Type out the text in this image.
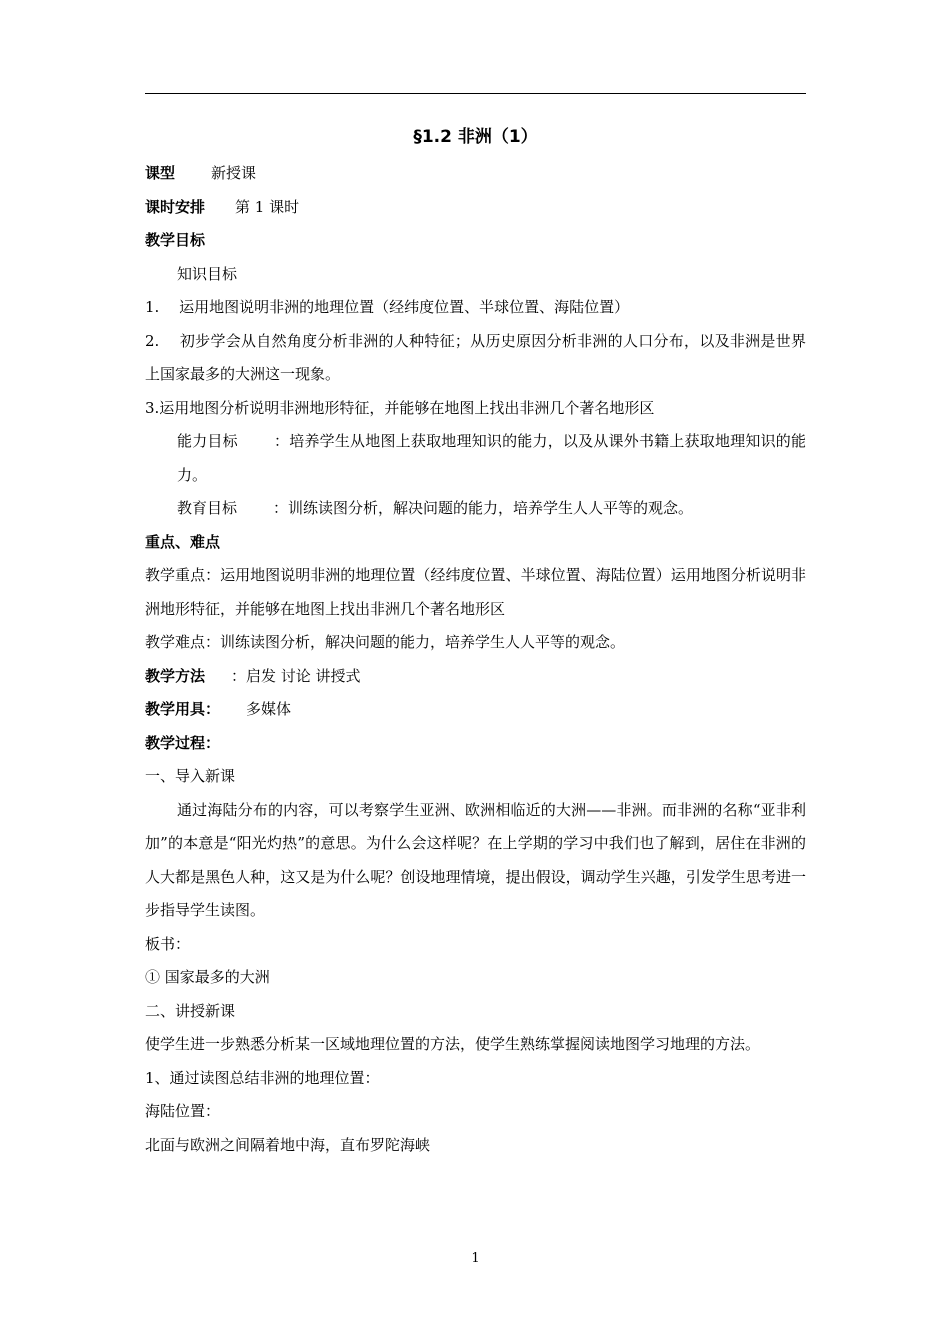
§1.2 非洲（1）
课型 新授课
课时安排 第 1 课时
教学目标
知识目标
1.　 运用地图说明非洲的地理位置（经纬度位置、半球位置、海陆位置）
2.　 初步学会从自然角度分析非洲的人种特征；从历史原因分析非洲的人口分布，以及非洲是世界上国家最多的大洲这一现象。
3.运用地图分析说明非洲地形特征，并能够在地图上找出非洲几个著名地形区
能力目标 ：培养学生从地图上获取地理知识的能力，以及从课外书籍上获取地理知识的能力。
教育目标 ：训练读图分析，解决问题的能力，培养学生人人平等的观念。
重点、难点
教学重点：运用地图说明非洲的地理位置（经纬度位置、半球位置、海陆位置）运用地图分析说明非洲地形特征，并能够在地图上找出非洲几个著名地形区
教学难点：训练读图分析，解决问题的能力，培养学生人人平等的观念。
教学方法 ：启发 讨论 讲授式
教学用具： 多媒体
教学过程：
一、导入新课
通过海陆分布的内容，可以考察学生亚洲、欧洲相临近的大洲——非洲。而非洲的名称“亚非利加”的本意是“阳光灼热”的意思。为什么会这样呢？在上学期的学习中我们也了解到，居住在非洲的人大都是黑色人种，这又是为什么呢？创设地理情境，提出假设，调动学生兴趣，引发学生思考进一步指导学生读图。
板书：
① 国家最多的大洲
二、讲授新课
使学生进一步熟悉分析某一区域地理位置的方法，使学生熟练掌握阅读地图学习地理的方法。
1、通过读图总结非洲的地理位置：
海陆位置：
北面与欧洲之间隔着地中海，直布罗陀海峡
1
